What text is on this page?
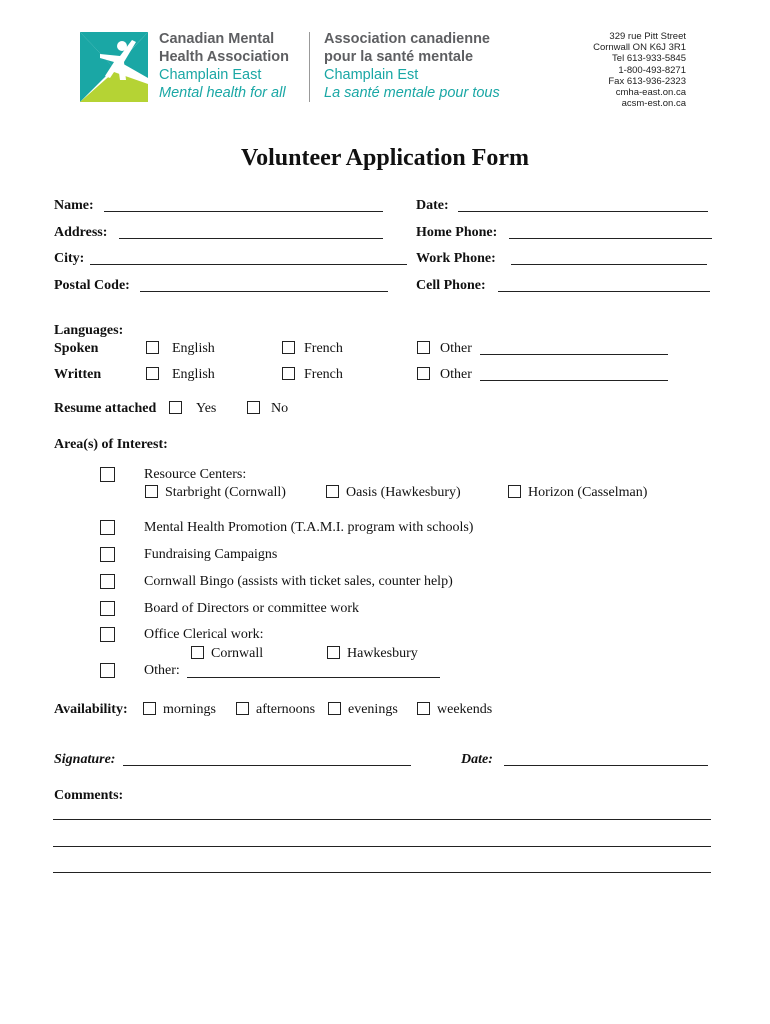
Canadian Mental
Health Association
Champlain East
Mental health for all
Association canadienne
pour la santé mentale
Champlain Est
La santé mentale pour tous
329 rue Pitt Street
Cornwall ON K6J 3R1
Tel 613-933-5845
1-800-493-8271
Fax 613-936-2323
cmha-east.on.ca
acsm-est.on.ca
Volunteer Application Form
Name:	Date:
Address:	Home Phone:
City:	Work Phone:
Postal Code:	Cell Phone:
Languages:
Spoken	English	French	Other
Written	English	French	Other
Resume attached	Yes	No
Area(s) of Interest:
Resource Centers:
Starbright (Cornwall)	Oasis (Hawkesbury)	Horizon (Casselman)
Mental Health Promotion (T.A.M.I. program with schools)
Fundraising Campaigns
Cornwall Bingo (assists with ticket sales, counter help)
Board of Directors or committee work
Office Clerical work:
Cornwall	Hawkesbury
Other:
Availability:	mornings	afternoons evenings	weekends
Signature:	Date:
Comments:
